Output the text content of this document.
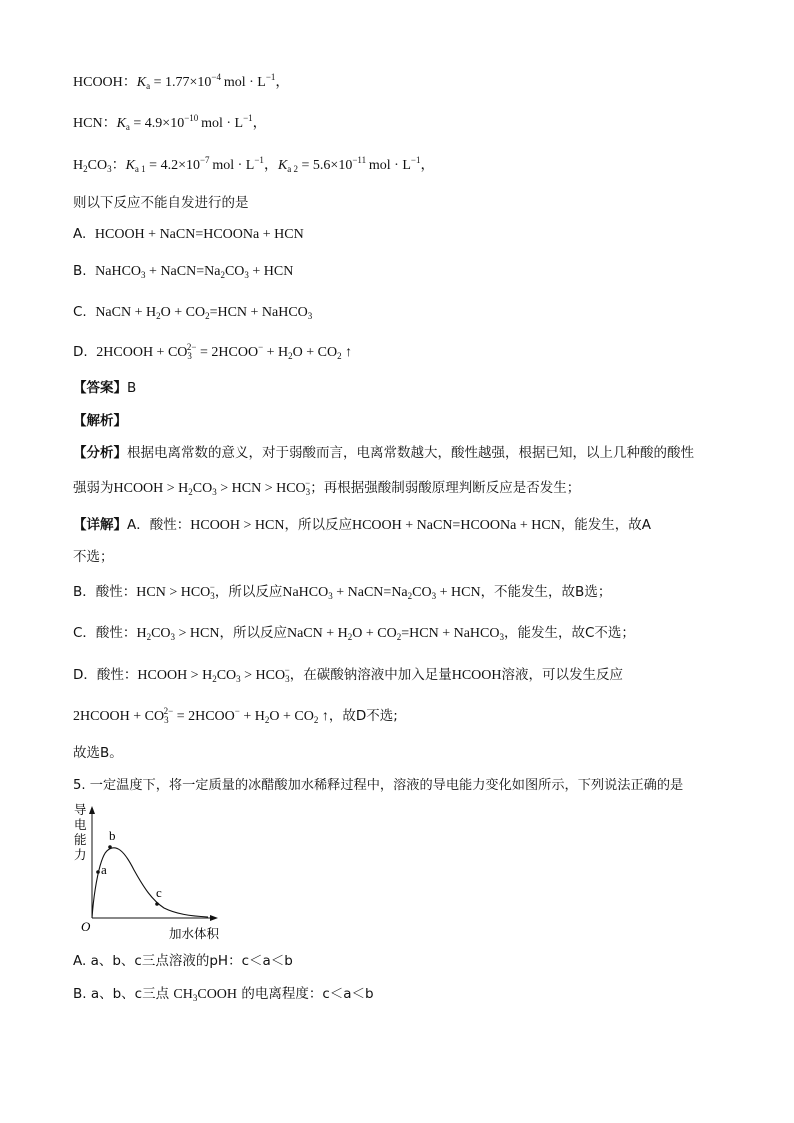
HCOOH：$K_a = 1.77\times 10^{-4}$  mol · $L^{-1}$，
HCN：$K_a = 4.9\times 10^{-10}$  mol · $L^{-1}$，
$H_2CO_3$：$K_{a 1} = 4.2\times 10^{-7}$  mol · $L^{-1}$，$K_{a 2} = 5.6\times 10^{-11}$  mol · $L^{-1}$，
则以下反应不能自发进行的是
A. HCOOH + NaCN=HCOONa + HCN
B. NaHCO$_3$ + $NaCN=Na_2CO_3$ + HCN
C. NaCN + $H_2O + CO_2=HCN$ + NaHCO$_3$
D. 2HCOOH + $CO_3^{2-}$ = 2HCOO− + $H_2O + CO_2$ ↑
【答案】B
【解析】
【分析】根据电离常数的意义，对于弱酸而言，电离常数越大，酸性越强，根据已知，以上几种酸的酸性
强弱为HCOOH > $H_2CO_3$ > HCN > $HCO_3^-$；再根据强酸制弱酸原理判断反应是否发生；
【详解】A．酸性：HCOOH > HCN，所以反应HCOOH + NaCN=HCOONa + HCN，能发生，故A
不选；
B．酸性：HCN > $HCO_3^-$，所以反应NaHCO$_3$ + $NaCN=Na_2CO_3$ + HCN，不能发生，故B选；
C．酸性：$H_2CO_3$ > HCN，所以反应NaCN + $H_2O + CO_2=HCN$ + NaHCO$_3$，能发生，故C不选；
D．酸性：HCOOH > $H_2CO_3 > HCO_3^-$，在碳酸钠溶液中加入足量HCOOH溶液，可以发生反应
2HCOOH + $CO_3^{2-}$ = 2HCOO− + $H_2O + CO_2$ ↑，故D不选;
故选B。
5. 一定温度下，将一定质量的冰醋酸加水稀释过程中，溶液的导电能力变化如图所示，下列说法正确的是
a
b
c
O	加水体积
导
电
能
力
A. a、b、c三点溶液的pH：c＜a＜b
B. a、b、c三点 $CH_3COOH$ 的电离程度：c＜a＜b
